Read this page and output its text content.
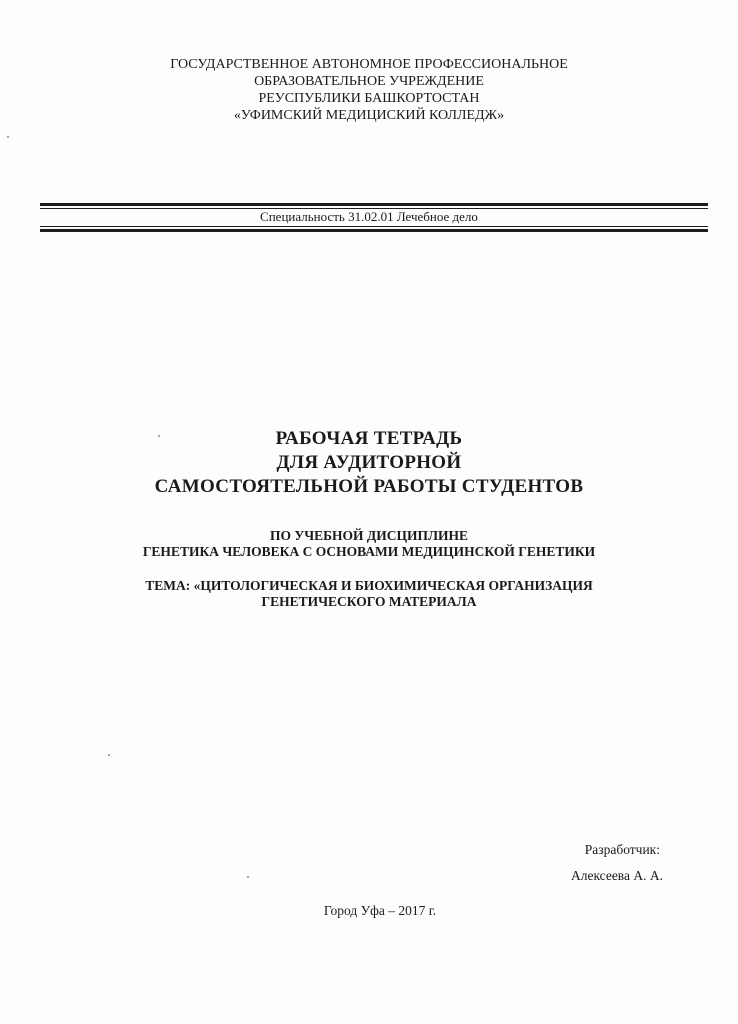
ГОСУДАРСТВЕННОЕ АВТОНОМНОЕ ПРОФЕССИОНАЛЬНОЕ
ОБРАЗОВАТЕЛЬНОЕ УЧРЕЖДЕНИЕ
РЕУСПУБЛИКИ БАШКОРТОСТАН
«УФИМСКИЙ МЕДИЦИСКИЙ КОЛЛЕДЖ»
Специальность 31.02.01 Лечебное дело
РАБОЧАЯ ТЕТРАДЬ
ДЛЯ АУДИТОРНОЙ
САМОСТОЯТЕЛЬНОЙ РАБОТЫ СТУДЕНТОВ
ПО УЧЕБНОЙ ДИСЦИПЛИНЕ
ГЕНЕТИКА ЧЕЛОВЕКА С ОСНОВАМИ МЕДИЦИНСКОЙ ГЕНЕТИКИ
ТЕМА: «ЦИТОЛОГИЧЕСКАЯ И БИОХИМИЧЕСКАЯ ОРГАНИЗАЦИЯ
ГЕНЕТИЧЕСКОГО МАТЕРИАЛА
Разработчик:
Алексеева А. А.
Город Уфа – 2017 г.
